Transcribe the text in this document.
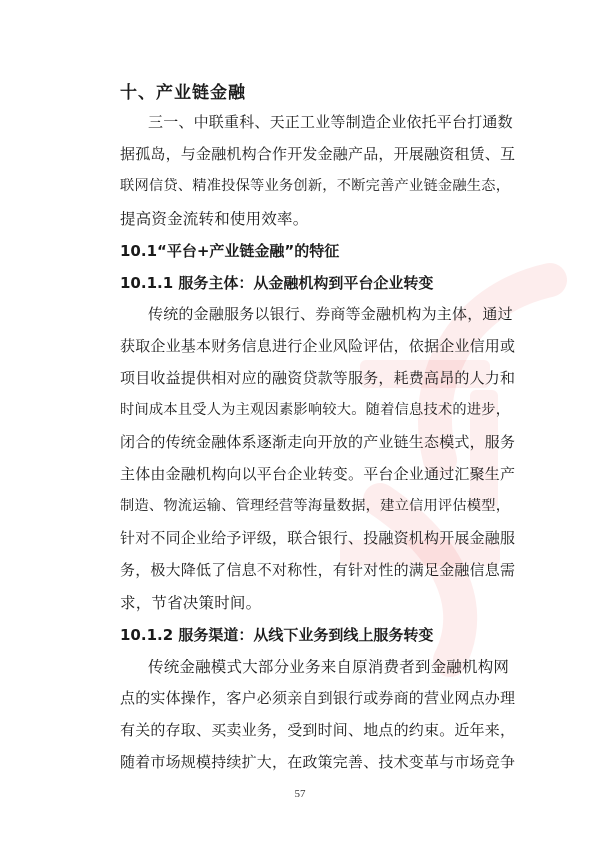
十、产业链金融
三一、中联重科、天正工业等制造企业依托平台打通数
据孤岛，与金融机构合作开发金融产品，开展融资租赁、互
联网信贷、精准投保等业务创新，不断完善产业链金融生态，
提高资金流转和使用效率。
10.1“平台+产业链金融”的特征
10.1.1 服务主体：从金融机构到平台企业转变
传统的金融服务以银行、券商等金融机构为主体，通过
获取企业基本财务信息进行企业风险评估，依据企业信用或
项目收益提供相对应的融资贷款等服务，耗费高昂的人力和
时间成本且受人为主观因素影响较大。随着信息技术的进步，
闭合的传统金融体系逐渐走向开放的产业链生态模式，服务
主体由金融机构向以平台企业转变。平台企业通过汇聚生产
制造、物流运输、管理经营等海量数据，建立信用评估模型，
针对不同企业给予评级，联合银行、投融资机构开展金融服
务，极大降低了信息不对称性，有针对性的满足金融信息需
求，节省决策时间。
10.1.2 服务渠道：从线下业务到线上服务转变
传统金融模式大部分业务来自原消费者到金融机构网
点的实体操作，客户必须亲自到银行或券商的营业网点办理
有关的存取、买卖业务，受到时间、地点的约束。近年来，
随着市场规模持续扩大，在政策完善、技术变革与市场竞争
57
